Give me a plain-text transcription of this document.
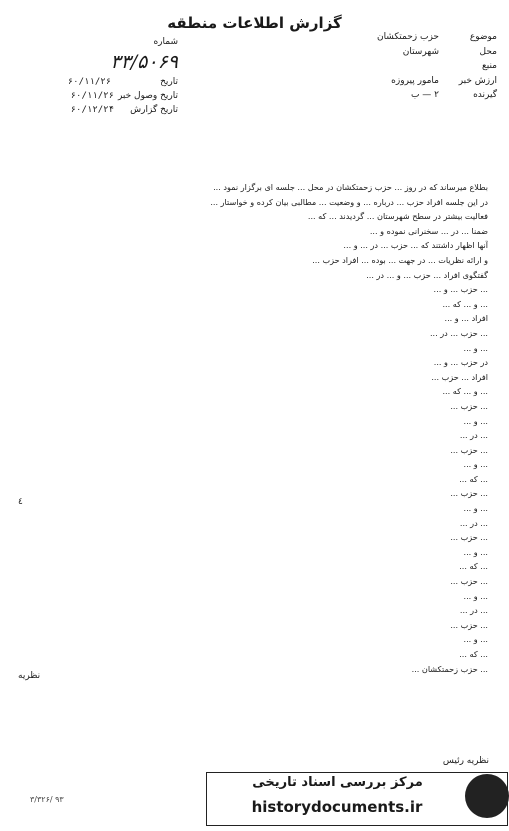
گزارش اطلاعات منطقه
موضوعحزب زحمتکشان
محلشهرستان
منبع
ارزش خبرمامور پیروزه
گیرنده۲ — ب
شماره
۳۳/۵۰۶۹
تاریخ ۶۰/۱۱/۲۶
تاریخ وصول خبر۶۰/۱۱/۲۶
تاریخ گزارش۶۰/۱۲/۲۴

بطلاع میرساند که در روز ... حزب زحمتکشان در محل ... جلسه ای برگزار نمود ...

در این جلسه افراد حزب ... درباره ... و وضعیت ... مطالبی بیان کرده و خواستار ...

فعالیت بیشتر در سطح شهرستان ... گردیدند ... که ...

ضمنا ... در ... سخنرانی نموده و ...

آنها اظهار داشتند که ... حزب ... در ... و ...

و ارائه نظریات ... در جهت ... بوده ... افراد حزب ...

گفتگوی افراد ... حزب ... و ... در ...

... حزب ... و ...

... و ... که ...

افراد ... و ...

... حزب ... در ...

... و ...

در حزب ... و ...

افراد ... حزب ...

... و ... که ...

... حزب ...

... و ...

... در ...

... حزب ...

... و ...

... که ...

... حزب ...

... و ...

... در ...

... حزب ...

... و ...

... که ...

... حزب ...

... و ...

... در ...

... حزب ...

... و ...

... که ...

... حزب زحمتکشان ...

٤
نظریه
نظریه رئیس
مرکز بررسی اسناد تاریخی
historydocuments.ir
۳/۳۲۶/ ۹۳
